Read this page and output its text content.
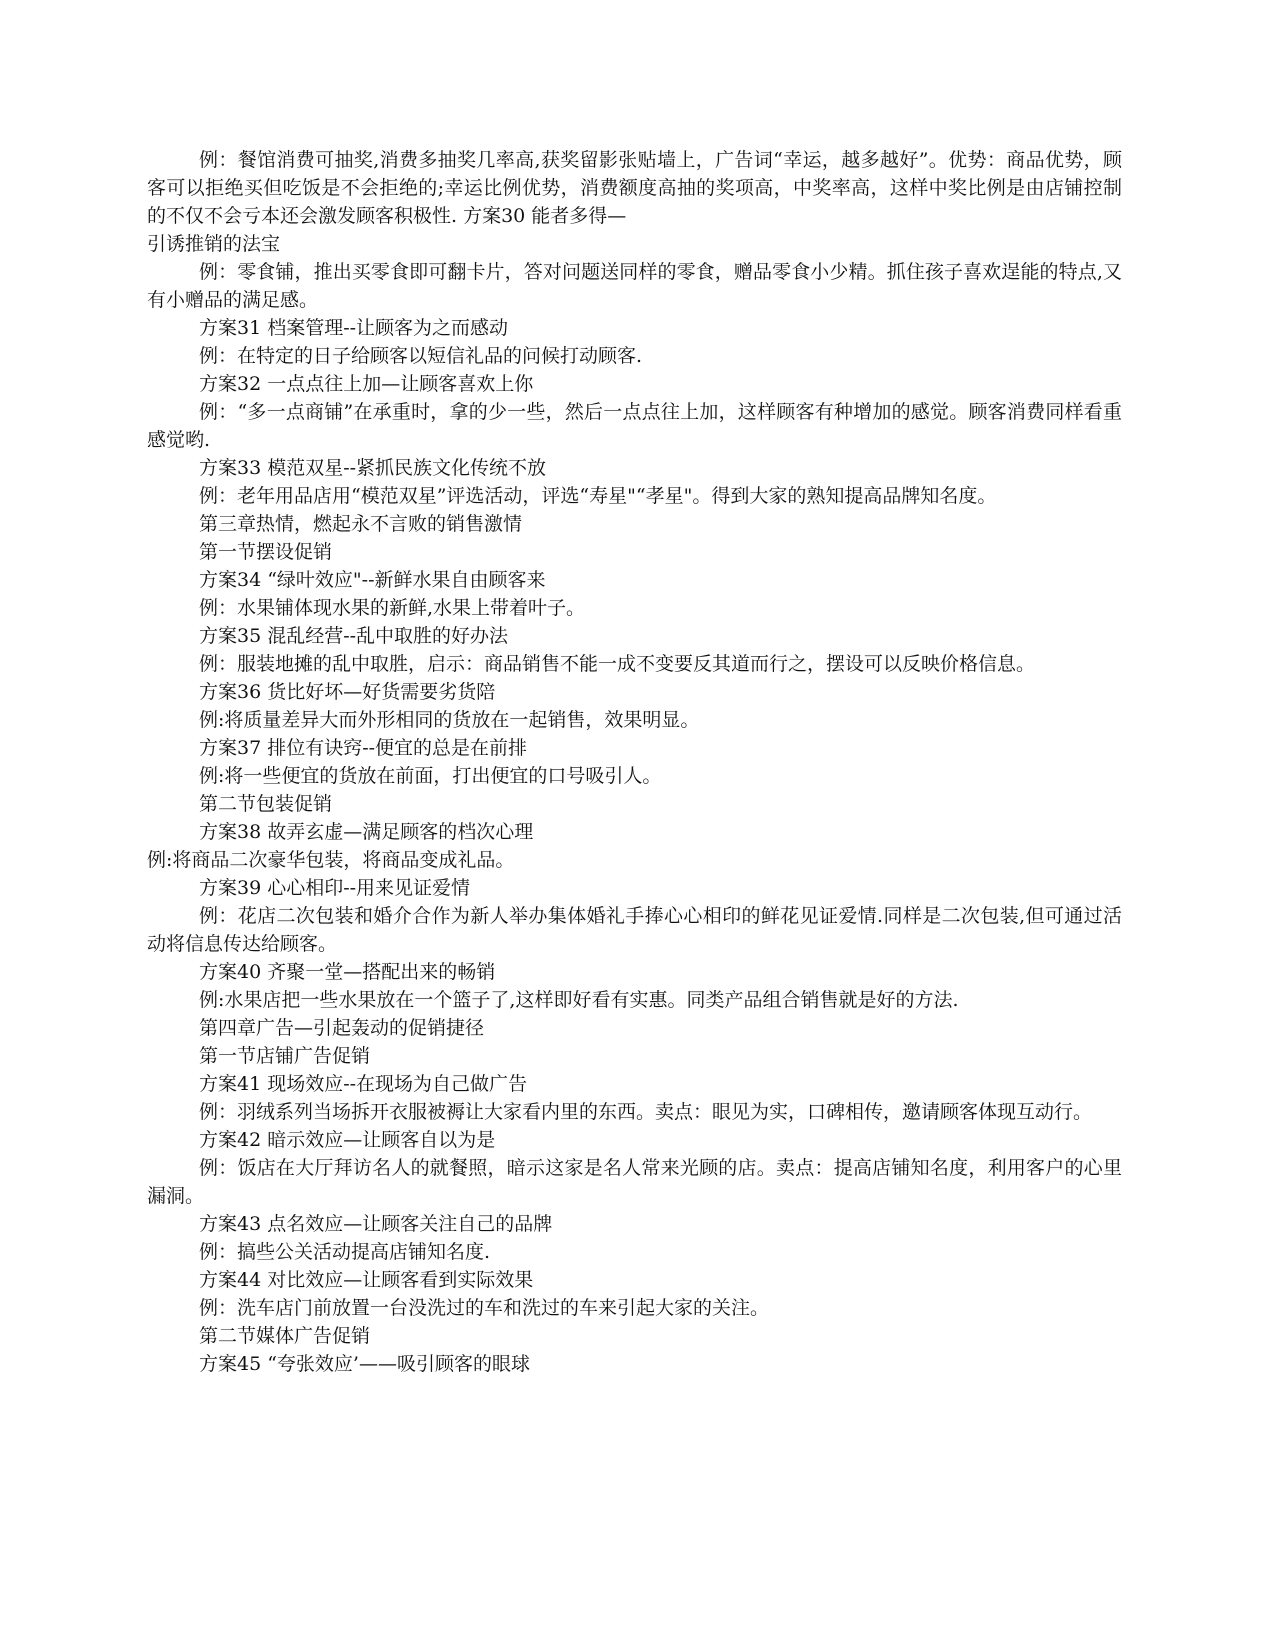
例：餐馆消费可抽奖,消费多抽奖几率高,获奖留影张贴墙上，广告词“幸运，越多越好”。优势：商品优势，顾客可以拒绝买但吃饭是不会拒绝的;幸运比例优势，消费额度高抽的奖项高，中奖率高，这样中奖比例是由店铺控制的不仅不会亏本还会激发顾客积极性. 方案30 能者多得—
引诱推销的法宝
例：零食铺，推出买零食即可翻卡片，答对问题送同样的零食，赠品零食小少精。抓住孩子喜欢逞能的特点,又有小赠品的满足感。
方案31 档案管理--让顾客为之而感动
例：在特定的日子给顾客以短信礼品的问候打动顾客.
方案32 一点点往上加—让顾客喜欢上你
例：“多一点商铺”在承重时，拿的少一些，然后一点点往上加，这样顾客有种增加的感觉。顾客消费同样看重感觉哟.
方案33 模范双星--紧抓民族文化传统不放
例：老年用品店用“模范双星”评选活动，评选“寿星"“孝星"。得到大家的熟知提高品牌知名度。
第三章热情，燃起永不言败的销售激情
第一节摆设促销
方案34 “绿叶效应"--新鲜水果自由顾客来
例：水果铺体现水果的新鲜,水果上带着叶子。
方案35 混乱经营--乱中取胜的好办法
例：服装地摊的乱中取胜，启示：商品销售不能一成不变要反其道而行之，摆设可以反映价格信息。
方案36 货比好坏—好货需要劣货陪
例:将质量差异大而外形相同的货放在一起销售，效果明显。
方案37 排位有诀窍--便宜的总是在前排
例:将一些便宜的货放在前面，打出便宜的口号吸引人。
第二节包装促销
方案38 故弄玄虚—满足顾客的档次心理
例:将商品二次豪华包装，将商品变成礼品。
方案39 心心相印--用来见证爱情
例：花店二次包装和婚介合作为新人举办集体婚礼手捧心心相印的鲜花见证爱情.同样是二次包装,但可通过活动将信息传达给顾客。
方案40 齐聚一堂—搭配出来的畅销
例:水果店把一些水果放在一个篮子了,这样即好看有实惠。同类产品组合销售就是好的方法.
第四章广告—引起轰动的促销捷径
第一节店铺广告促销
方案41 现场效应--在现场为自己做广告
例：羽绒系列当场拆开衣服被褥让大家看内里的东西。卖点：眼见为实，口碑相传，邀请顾客体现互动行。
方案42 暗示效应—让顾客自以为是
例：饭店在大厅拜访名人的就餐照，暗示这家是名人常来光顾的店。卖点：提高店铺知名度，利用客户的心里漏洞。
方案43 点名效应—让顾客关注自己的品牌
例：搞些公关活动提高店铺知名度.
方案44 对比效应—让顾客看到实际效果
例：洗车店门前放置一台没洗过的车和洗过的车来引起大家的关注。
第二节媒体广告促销
方案45 “夸张效应’——吸引顾客的眼球
